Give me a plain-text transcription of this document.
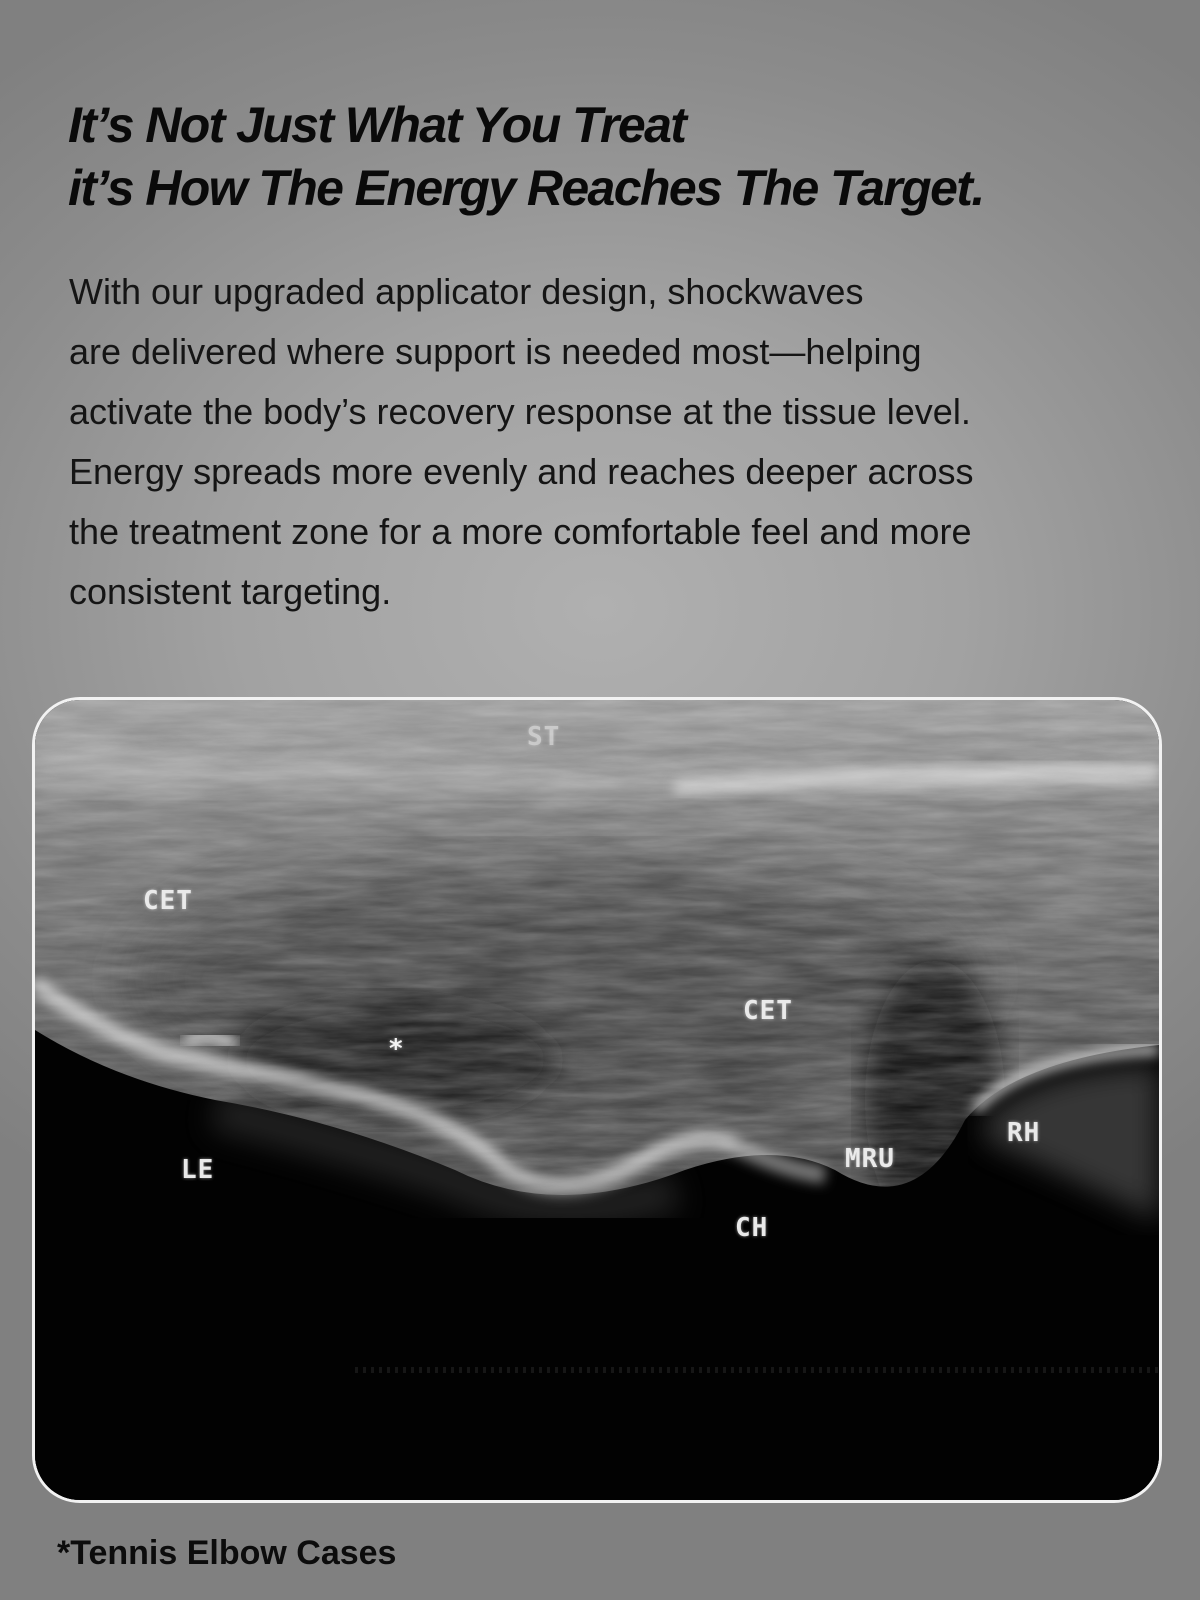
It’s Not Just What You Treat
it’s How The Energy Reaches The Target.

With our upgraded applicator design, shockwaves
are delivered where support is needed most—helping
activate the body’s recovery response at the tissue level.
Energy spreads more evenly and reaches deeper across
the treatment zone for a more comfortable feel and more
consistent targeting.

ST
CET
CET
*
LE	MRU
RH
CH

*Tennis Elbow Cases
